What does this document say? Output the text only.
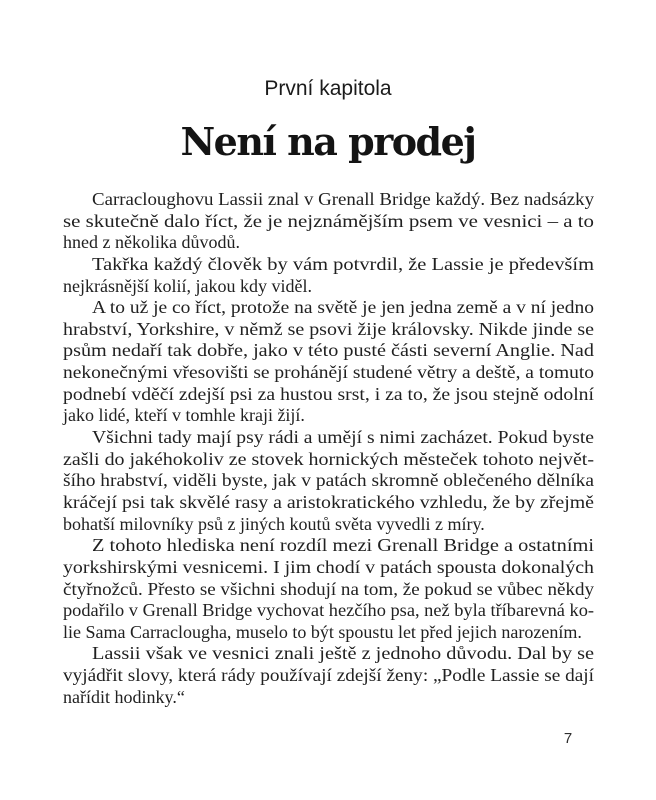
První kapitola
Není na prodej
Carracloughovu Lassii znal v Grenall Bridge každý. Bez nadsázky
se skutečně dalo říct, že je nejznámějším psem ve vesnici – a to
hned z několika důvodů.
Takřka každý člověk by vám potvrdil, že Lassie je především
nejkrásnější kolií, jakou kdy viděl.
A to už je co říct, protože na světě je jen jedna země a v ní jedno
hrabství, Yorkshire, v němž se psovi žije královsky. Nikde jinde se
psům nedaří tak dobře, jako v této pusté části severní Anglie. Nad
nekonečnými vřesovišti se prohánějí studené větry a deště, a tomuto
podnebí vděčí zdejší psi za hustou srst, i za to, že jsou stejně odolní
jako lidé, kteří v tomhle kraji žijí.
Všichni tady mají psy rádi a umějí s nimi zacházet. Pokud byste
zašli do jakéhokoliv ze stovek hornických městeček tohoto největ-
šího hrabství, viděli byste, jak v patách skromně oblečeného dělníka
kráčejí psi tak skvělé rasy a aristokratického vzhledu, že by zřejmě
bohatší milovníky psů z jiných koutů světa vyvedli z míry.
Z tohoto hlediska není rozdíl mezi Grenall Bridge a ostatními
yorkshirskými vesnicemi. I jim chodí v patách spousta dokonalých
čtyřnožců. Přesto se všichni shodují na tom, že pokud se vůbec někdy
podařilo v Grenall Bridge vychovat hezčího psa, než byla tříbarevná ko-
lie Sama Carraclougha, muselo to být spoustu let před jejich narozením.
Lassii však ve vesnici znali ještě z jednoho důvodu. Dal by se
vyjádřit slovy, která rády používají zdejší ženy: „Podle Lassie se dají
nařídit hodinky.“
7
